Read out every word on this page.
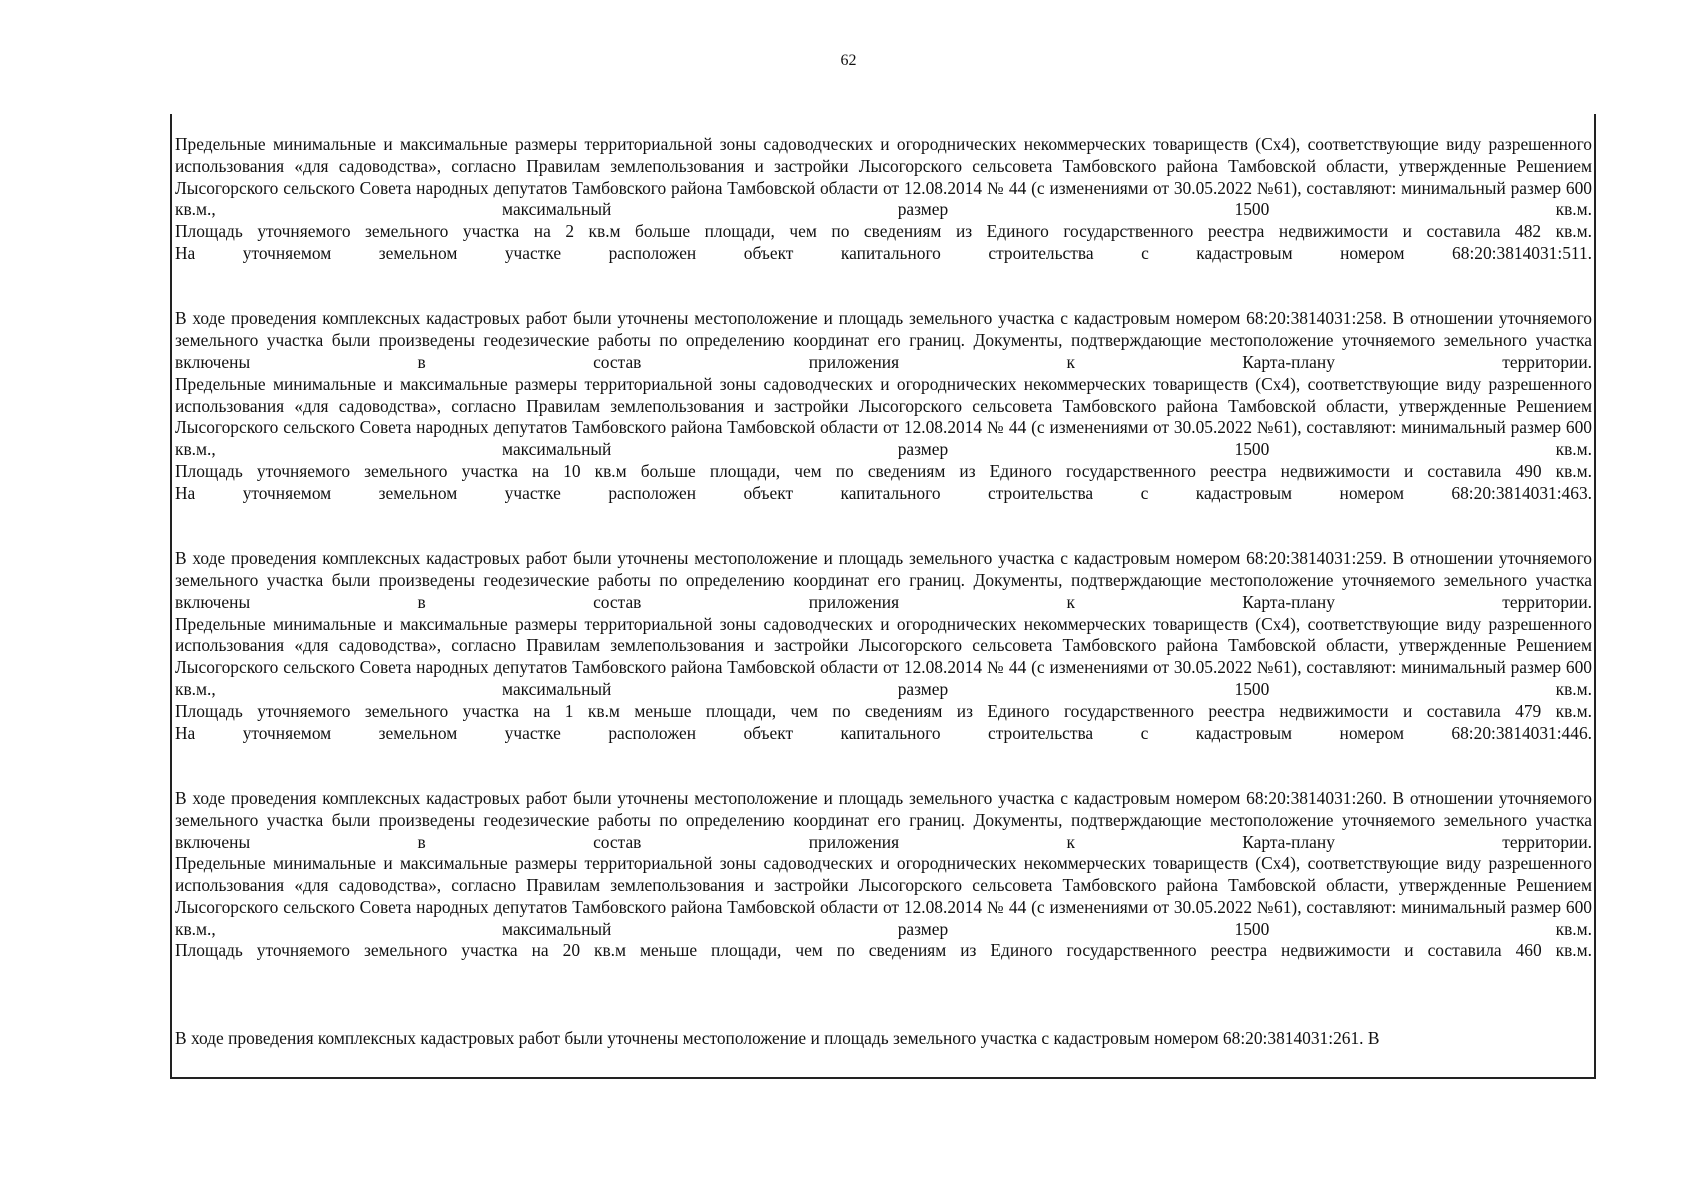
62

Предельные минимальные и максимальные размеры территориальной зоны садоводческих и огороднических некоммерческих товариществ (Сх4), соответствующие виду разрешенного использования «для садоводства», согласно Правилам землепользования и застройки Лысогорского сельсовета Тамбовского района Тамбовской области, утвержденные Решением Лысогорского сельского Совета народных депутатов Тамбовского района Тамбовской области от 12.08.2014 № 44 (с изменениями от 30.05.2022 №61), составляют: минимальный размер 600 кв.м., максимальный размер 1500 кв.м.

Площадь уточняемого земельного участка на 2 кв.м больше площади, чем по сведениям из Единого государственного реестра недвижимости и составила 482 кв.м.

На уточняемом земельном участке расположен объект капитального строительства с кадастровым номером 68:20:3814031:511.

В ходе проведения комплексных кадастровых работ были уточнены местоположение и площадь земельного участка с кадастровым номером 68:20:3814031:258. В отношении уточняемого земельного участка были произведены геодезические работы по определению координат его границ. Документы, подтверждающие местоположение уточняемого земельного участка включены в состав приложения к Карта-плану территории.

Предельные минимальные и максимальные размеры территориальной зоны садоводческих и огороднических некоммерческих товариществ (Сх4), соответствующие виду разрешенного использования «для садоводства», согласно Правилам землепользования и застройки Лысогорского сельсовета Тамбовского района Тамбовской области, утвержденные Решением Лысогорского сельского Совета народных депутатов Тамбовского района Тамбовской области от 12.08.2014 № 44 (с изменениями от 30.05.2022 №61), составляют: минимальный размер 600 кв.м., максимальный размер 1500 кв.м.

Площадь уточняемого земельного участка на 10 кв.м больше площади, чем по сведениям из Единого государственного реестра недвижимости и составила 490 кв.м.

На уточняемом земельном участке расположен объект капитального строительства с кадастровым номером 68:20:3814031:463.

В ходе проведения комплексных кадастровых работ были уточнены местоположение и площадь земельного участка с кадастровым номером 68:20:3814031:259. В отношении уточняемого земельного участка были произведены геодезические работы по определению координат его границ. Документы, подтверждающие местоположение уточняемого земельного участка включены в состав приложения к Карта-плану территории.

Предельные минимальные и максимальные размеры территориальной зоны садоводческих и огороднических некоммерческих товариществ (Сх4), соответствующие виду разрешенного использования «для садоводства», согласно Правилам землепользования и застройки Лысогорского сельсовета Тамбовского района Тамбовской области, утвержденные Решением Лысогорского сельского Совета народных депутатов Тамбовского района Тамбовской области от 12.08.2014 № 44 (с изменениями от 30.05.2022 №61), составляют: минимальный размер 600 кв.м., максимальный размер 1500 кв.м.

Площадь уточняемого земельного участка на 1 кв.м меньше площади, чем по сведениям из Единого государственного реестра недвижимости и составила 479 кв.м.

На уточняемом земельном участке расположен объект капитального строительства с кадастровым номером 68:20:3814031:446.

В ходе проведения комплексных кадастровых работ были уточнены местоположение и площадь земельного участка с кадастровым номером 68:20:3814031:260. В отношении уточняемого земельного участка были произведены геодезические работы по определению координат его границ. Документы, подтверждающие местоположение уточняемого земельного участка включены в состав приложения к Карта-плану территории.

Предельные минимальные и максимальные размеры территориальной зоны садоводческих и огороднических некоммерческих товариществ (Сх4), соответствующие виду разрешенного использования «для садоводства», согласно Правилам землепользования и застройки Лысогорского сельсовета Тамбовского района Тамбовской области, утвержденные Решением Лысогорского сельского Совета народных депутатов Тамбовского района Тамбовской области от 12.08.2014 № 44 (с изменениями от 30.05.2022 №61), составляют: минимальный размер 600 кв.м., максимальный размер 1500 кв.м.

Площадь уточняемого земельного участка на 20 кв.м меньше площади, чем по сведениям из Единого государственного реестра недвижимости и составила 460 кв.м.

В ходе проведения комплексных кадастровых работ были уточнены местоположение и площадь земельного участка с кадастровым номером 68:20:3814031:261. В
